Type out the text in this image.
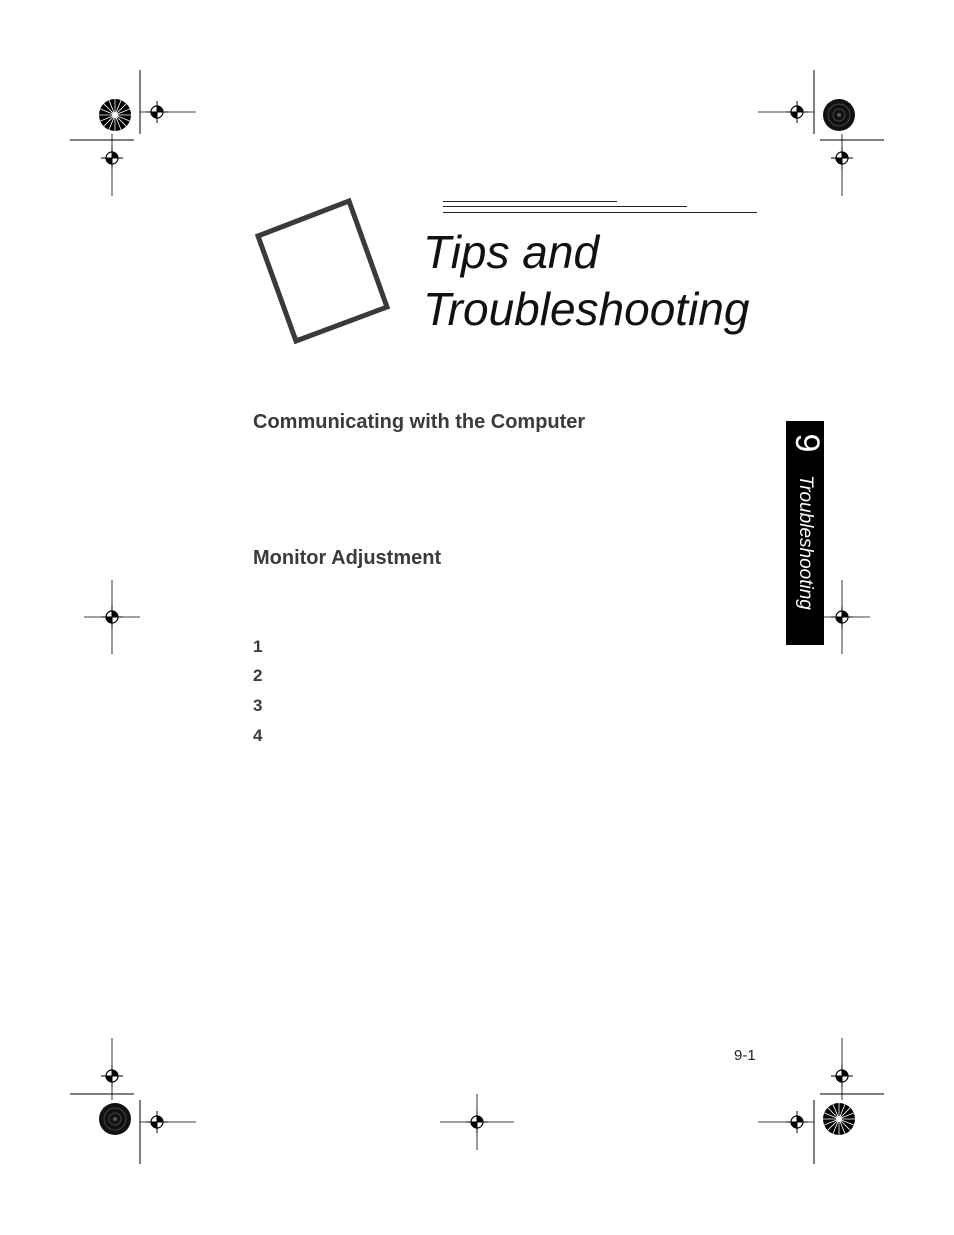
Tips and
Troubleshooting
Communicating with the Computer
Monitor Adjustment
1
2
3
4
9
Troubleshooting
9-1
